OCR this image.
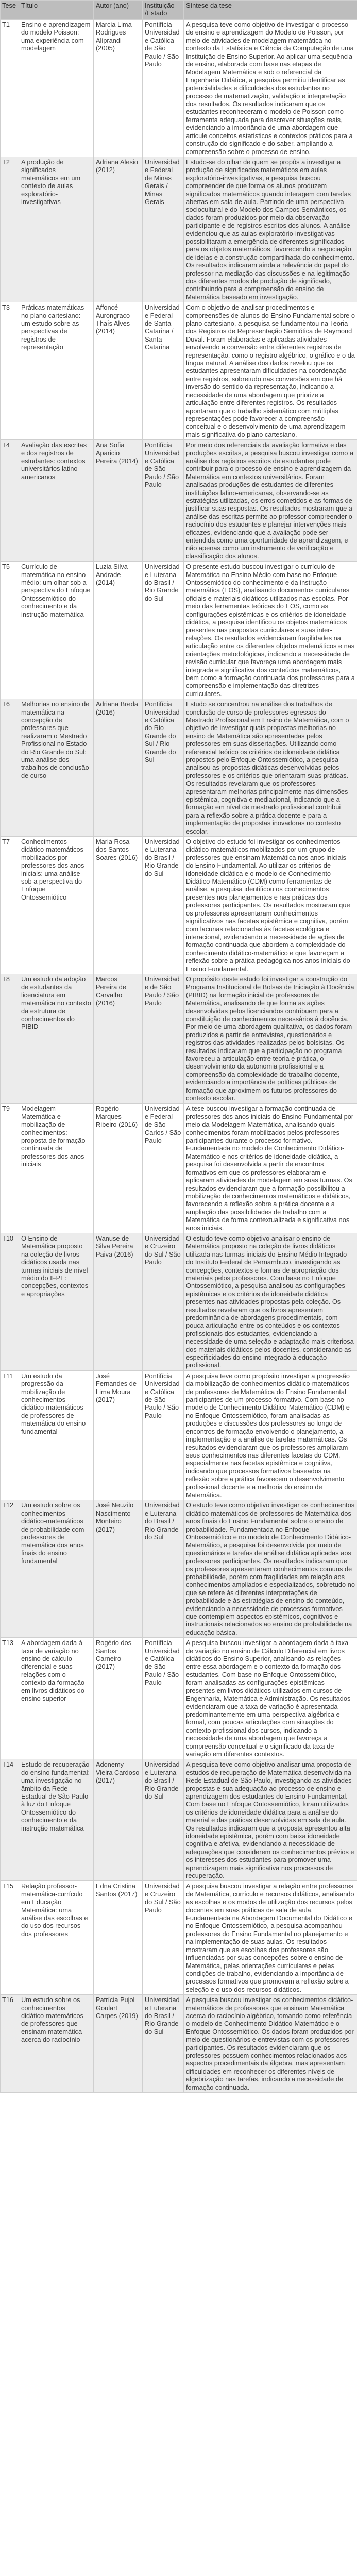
Tese	Título	Autor (ano)	Instituição /Estado	Síntese da tese
T1	Ensino e aprendizagem do modelo Poisson: uma experiência com modelagem	Marcia Lima Rodrigues Aliprandi (2005)	Pontifícia Universidade Católica de São Paulo / São Paulo	A pesquisa teve como objetivo de investigar o processo de ensino e aprendizagem do Modelo de Poisson, por meio de atividades de modelagem matemática no contexto da Estatística e Ciência da Computação de uma Instituição de Ensino Superior. Ao aplicar uma sequência de ensino, elaborada com base nas etapas de Modelagem Matemática e sob o referencial da Engenharia Didática, a pesquisa permitiu identificar as potencialidades e dificuldades dos estudantes no processo de matematização, validação e interpretação dos resultados. Os resultados indicaram que os estudantes reconheceram o modelo de Poisson como ferramenta adequada para descrever situações reais, evidenciando a importância de uma abordagem que articule conceitos estatísticos e contextos práticos para a construção do significado e do saber, ampliando a compreensão sobre o processo de ensino.
T2	A produção de significados matemáticos em um contexto de aulas exploratório-investigativas	Adriana Alesio (2012)	Universidade Federal de Minas Gerais / Minas Gerais	Estudo-se do olhar de quem se propôs a investigar a produção de significados matemáticos em aulas exploratório-investigativas, a pesquisa buscou compreender de que forma os alunos produzem significados matemáticos quando interagem com tarefas abertas em sala de aula. Partindo de uma perspectiva sociocultural e do Modelo dos Campos Semânticos, os dados foram produzidos por meio da observação participante e de registros escritos dos alunos. A análise evidenciou que as aulas exploratório-investigativas possibilitaram a emergência de diferentes significados para os objetos matemáticos, favorecendo a negociação de ideias e a construção compartilhada do conhecimento. Os resultados indicaram ainda a relevância do papel do professor na mediação das discussões e na legitimação dos diferentes modos de produção de significado, contribuindo para a compreensão do ensino de Matemática baseado em investigação.
T3	Práticas matemáticas no plano cartesiano: um estudo sobre as perspectivas de registros de representação	Affoncé Aurongraco Thaís Alves (2014)	Universidade Federal de Santa Catarina / Santa Catarina	Com o objetivo de analisar procedimentos e compreensões de alunos do Ensino Fundamental sobre o plano cartesiano, a pesquisa se fundamentou na Teoria dos Registros de Representação Semiótica de Raymond Duval. Foram elaboradas e aplicadas atividades envolvendo a conversão entre diferentes registros de representação, como o registro algébrico, o gráfico e o da língua natural. A análise dos dados revelou que os estudantes apresentaram dificuldades na coordenação entre registros, sobretudo nas conversões em que há inversão do sentido da representação, indicando a necessidade de uma abordagem que priorize a articulação entre diferentes registros. Os resultados apontaram que o trabalho sistemático com múltiplas representações pode favorecer a compreensão conceitual e o desenvolvimento de uma aprendizagem mais significativa do plano cartesiano.
T4	Avaliação das escritas e dos registros de estudantes: contextos universitários latino-americanos	Ana Sofia Aparicio Pereira (2014)	Pontifícia Universidade Católica de São Paulo / São Paulo	Por meio dos referenciais da avaliação formativa e das produções escritas, a pesquisa buscou investigar como a análise dos registros escritos de estudantes pode contribuir para o processo de ensino e aprendizagem da Matemática em contextos universitários. Foram analisadas produções de estudantes de diferentes instituições latino-americanas, observando-se as estratégias utilizadas, os erros cometidos e as formas de justificar suas respostas. Os resultados mostraram que a análise das escritas permite ao professor compreender o raciocínio dos estudantes e planejar intervenções mais eficazes, evidenciando que a avaliação pode ser entendida como uma oportunidade de aprendizagem, e não apenas como um instrumento de verificação e classificação dos alunos.
T5	Currículo de matemática no ensino médio: um olhar sob a perspectiva do Enfoque Ontossemiótico do conhecimento e da instrução matemática	Luzia Silva Andrade (2014)	Universidade Luterana do Brasil / Rio Grande do Sul	O presente estudo buscou investigar o currículo de Matemática no Ensino Médio com base no Enfoque Ontossemiótico do conhecimento e da instrução matemática (EOS), analisando documentos curriculares oficiais e materiais didáticos utilizados nas escolas. Por meio das ferramentas teóricas do EOS, como as configurações epistêmicas e os critérios de idoneidade didática, a pesquisa identificou os objetos matemáticos presentes nas propostas curriculares e suas inter-relações. Os resultados evidenciaram fragilidades na articulação entre os diferentes objetos matemáticos e nas orientações metodológicas, indicando a necessidade de revisão curricular que favoreça uma abordagem mais integrada e significativa dos conteúdos matemáticos, bem como a formação continuada dos professores para a compreensão e implementação das diretrizes curriculares.
T6	Melhorias no ensino de matemática na concepção de professores que realizaram o Mestrado Profissional no Estado do Rio Grande do Sul: uma análise dos trabalhos de conclusão de curso	Adriana Breda (2016)	Pontifícia Universidade Católica do Rio Grande do Sul / Rio Grande do Sul	Estudo se concentrou na análise dos trabalhos de conclusão de curso de professores egressos do Mestrado Profissional em Ensino de Matemática, com o objetivo de investigar quais propostas melhorias no ensino de Matemática são apresentadas pelos professores em suas dissertações. Utilizando como referencial teórico os critérios de idoneidade didática propostos pelo Enfoque Ontossemiótico, a pesquisa analisou as propostas didáticas desenvolvidas pelos professores e os critérios que orientaram suas práticas. Os resultados revelaram que os professores apresentaram melhorias principalmente nas dimensões epistêmica, cognitiva e mediacional, indicando que a formação em nível de mestrado profissional contribui para a reflexão sobre a prática docente e para a implementação de propostas inovadoras no contexto escolar.
T7	Conhecimentos didático-matemáticos mobilizados por professores dos anos iniciais: uma análise sob a perspectiva do Enfoque Ontossemiótico	Maria Rosa dos Santos Soares (2016)	Universidade Luterana do Brasil / Rio Grande do Sul	O objetivo do estudo foi investigar os conhecimentos didático-matemáticos mobilizados por um grupo de professores que ensinam Matemática nos anos iniciais do Ensino Fundamental. Ao utilizar os critérios de idoneidade didática e o modelo de Conhecimento Didático-Matemático (CDM) como ferramentas de análise, a pesquisa identificou os conhecimentos presentes nos planejamentos e nas práticas dos professores participantes. Os resultados mostraram que os professores apresentaram conhecimentos significativos nas facetas epistêmica e cognitiva, porém com lacunas relacionadas às facetas ecológica e interacional, evidenciando a necessidade de ações de formação continuada que abordem a complexidade do conhecimento didático-matemático e que favoreçam a reflexão sobre a prática pedagógica nos anos iniciais do Ensino Fundamental.
T8	Um estudo da adoção de estudantes da licenciatura em matemática no contexto da estrutura de conhecimentos do PIBID	Marcos Pereira de Carvalho (2016)	Universidade de São Paulo / São Paulo	O propósito deste estudo foi investigar a construção do Programa Institucional de Bolsas de Iniciação à Docência (PIBID) na formação inicial de professores de Matemática, analisando de que forma as ações desenvolvidas pelos licenciandos contribuem para a constituição de conhecimentos necessários à docência. Por meio de uma abordagem qualitativa, os dados foram produzidos a partir de entrevistas, questionários e registros das atividades realizadas pelos bolsistas. Os resultados indicaram que a participação no programa favoreceu a articulação entre teoria e prática, o desenvolvimento da autonomia profissional e a compreensão da complexidade do trabalho docente, evidenciando a importância de políticas públicas de formação que aproximem os futuros professores do contexto escolar.
T9	Modelagem Matemática e mobilização de conhecimentos: proposta de formação continuada de professores dos anos iniciais	Rogério Marques Ribeiro (2016)	Universidade Federal de São Carlos / São Paulo	A tese buscou investigar a formação continuada de professores dos anos iniciais do Ensino Fundamental por meio da Modelagem Matemática, analisando quais conhecimentos foram mobilizados pelos professores participantes durante o processo formativo. Fundamentada no modelo de Conhecimento Didático-Matemático e nos critérios de idoneidade didática, a pesquisa foi desenvolvida a partir de encontros formativos em que os professores elaboraram e aplicaram atividades de modelagem em suas turmas. Os resultados evidenciaram que a formação possibilitou a mobilização de conhecimentos matemáticos e didáticos, favorecendo a reflexão sobre a prática docente e a ampliação das possibilidades de trabalho com a Matemática de forma contextualizada e significativa nos anos iniciais.
T10	O Ensino de Matemática proposto na coleção de livros didáticos usada nas turmas iniciais de nível médio do IFPE: concepções, contextos e apropriações	Wanuse de Silva Pereira Paiva (2016)	Universidade Cruzeiro do Sul / São Paulo	O estudo teve como objetivo analisar o ensino de Matemática proposto na coleção de livros didáticos utilizada nas turmas iniciais do Ensino Médio Integrado do Instituto Federal de Pernambuco, investigando as concepções, contextos e formas de apropriação dos materiais pelos professores. Com base no Enfoque Ontossemiótico, a pesquisa analisou as configurações epistêmicas e os critérios de idoneidade didática presentes nas atividades propostas pela coleção. Os resultados revelaram que os livros apresentam predominância de abordagens procedimentais, com pouca articulação entre os conteúdos e os contextos profissionais dos estudantes, evidenciando a necessidade de uma seleção e adaptação mais criteriosa dos materiais didáticos pelos docentes, considerando as especificidades do ensino integrado à educação profissional.
T11	Um estudo da progressão da mobilização de conhecimentos didático-matemáticos de professores de matemática do ensino fundamental	José Fernandes de Lima Moura (2017)	Pontifícia Universidade Católica de São Paulo / São Paulo	A pesquisa teve como propósito investigar a progressão da mobilização de conhecimentos didático-matemáticos de professores de Matemática do Ensino Fundamental participantes de um processo formativo. Com base no modelo de Conhecimento Didático-Matemático (CDM) e no Enfoque Ontossemiótico, foram analisadas as produções e discussões dos professores ao longo de encontros de formação envolvendo o planejamento, a implementação e a análise de tarefas matemáticas. Os resultados evidenciaram que os professores ampliaram seus conhecimentos nas diferentes facetas do CDM, especialmente nas facetas epistêmica e cognitiva, indicando que processos formativos baseados na reflexão sobre a prática favorecem o desenvolvimento profissional docente e a melhoria do ensino de Matemática.
T12	Um estudo sobre os conhecimentos didático-matemáticos de probabilidade com professores de matemática dos anos finais do ensino fundamental	José Neuzilo Nascimento Monteiro (2017)	Universidade Luterana do Brasil / Rio Grande do Sul	O estudo teve como objetivo investigar os conhecimentos didático-matemáticos de professores de Matemática dos anos finais do Ensino Fundamental sobre o ensino de probabilidade. Fundamentada no Enfoque Ontossemiótico e no modelo de Conhecimento Didático-Matemático, a pesquisa foi desenvolvida por meio de questionários e tarefas de análise didática aplicadas aos professores participantes. Os resultados indicaram que os professores apresentaram conhecimentos comuns de probabilidade, porém com fragilidades em relação aos conhecimentos ampliados e especializados, sobretudo no que se refere às diferentes interpretações de probabilidade e às estratégias de ensino do conteúdo, evidenciando a necessidade de processos formativos que contemplem aspectos epistêmicos, cognitivos e instrucionais relacionados ao ensino de probabilidade na educação básica.
T13	A abordagem dada à taxa de variação no ensino de cálculo diferencial e suas relações com o contexto da formação em livros didáticos do ensino superior	Rogério dos Santos Carneiro (2017)	Pontifícia Universidade Católica de São Paulo / São Paulo	A pesquisa buscou investigar a abordagem dada à taxa de variação no ensino de Cálculo Diferencial em livros didáticos do Ensino Superior, analisando as relações entre essa abordagem e o contexto da formação dos estudantes. Com base no Enfoque Ontossemiótico, foram analisadas as configurações epistêmicas presentes em livros didáticos utilizados em cursos de Engenharia, Matemática e Administração. Os resultados evidenciaram que a taxa de variação é apresentada predominantemente em uma perspectiva algébrica e formal, com poucas articulações com situações do contexto profissional dos cursos, indicando a necessidade de uma abordagem que favoreça a compreensão conceitual e o significado da taxa de variação em diferentes contextos.
T14	Estudo de recuperação do ensino fundamental: uma investigação no âmbito da Rede Estadual de São Paulo à luz do Enfoque Ontossemiótico do conhecimento e da instrução matemática	Adonemy Vieira Cardoso (2017)	Universidade Luterana do Brasil / Rio Grande do Sul	A pesquisa teve como objetivo analisar uma proposta de estudos de recuperação de Matemática desenvolvida na Rede Estadual de São Paulo, investigando as atividades propostas e sua adequação ao processo de ensino e aprendizagem dos estudantes do Ensino Fundamental. Com base no Enfoque Ontossemiótico, foram utilizados os critérios de idoneidade didática para a análise do material e das práticas desenvolvidas em sala de aula. Os resultados indicaram que a proposta apresentou alta idoneidade epistêmica, porém com baixa idoneidade cognitiva e afetiva, evidenciando a necessidade de adequações que considerem os conhecimentos prévios e os interesses dos estudantes para promover uma aprendizagem mais significativa nos processos de recuperação.
T15	Relação professor-matemática-currículo em Educação Matemática: uma análise das escolhas e do uso dos recursos dos professores	Edna Cristina Santos (2017)	Universidade Cruzeiro do Sul / São Paulo	A pesquisa buscou investigar a relação entre professores de Matemática, currículo e recursos didáticos, analisando as escolhas e os modos de utilização dos recursos pelos docentes em suas práticas de sala de aula. Fundamentada na Abordagem Documental do Didático e no Enfoque Ontossemiótico, a pesquisa acompanhou professores do Ensino Fundamental no planejamento e na implementação de suas aulas. Os resultados mostraram que as escolhas dos professores são influenciadas por suas concepções sobre o ensino de Matemática, pelas orientações curriculares e pelas condições de trabalho, evidenciando a importância de processos formativos que promovam a reflexão sobre a seleção e o uso dos recursos didáticos.
T16	Um estudo sobre os conhecimentos didático-matemáticos de professores que ensinam matemática acerca do raciocínio	Patrícia Pujol Goulart Carpes (2019)	Universidade Luterana do Brasil / Rio Grande do Sul	A pesquisa buscou investigar os conhecimentos didático-matemáticos de professores que ensinam Matemática acerca do raciocínio algébrico, tomando como referência o modelo de Conhecimento Didático-Matemático e o Enfoque Ontossemiótico. Os dados foram produzidos por meio de questionários e entrevistas com os professores participantes. Os resultados evidenciaram que os professores possuem conhecimentos relacionados aos aspectos procedimentais da álgebra, mas apresentam dificuldades em reconhecer os diferentes níveis de algebrização nas tarefas, indicando a necessidade de formação continuada.
